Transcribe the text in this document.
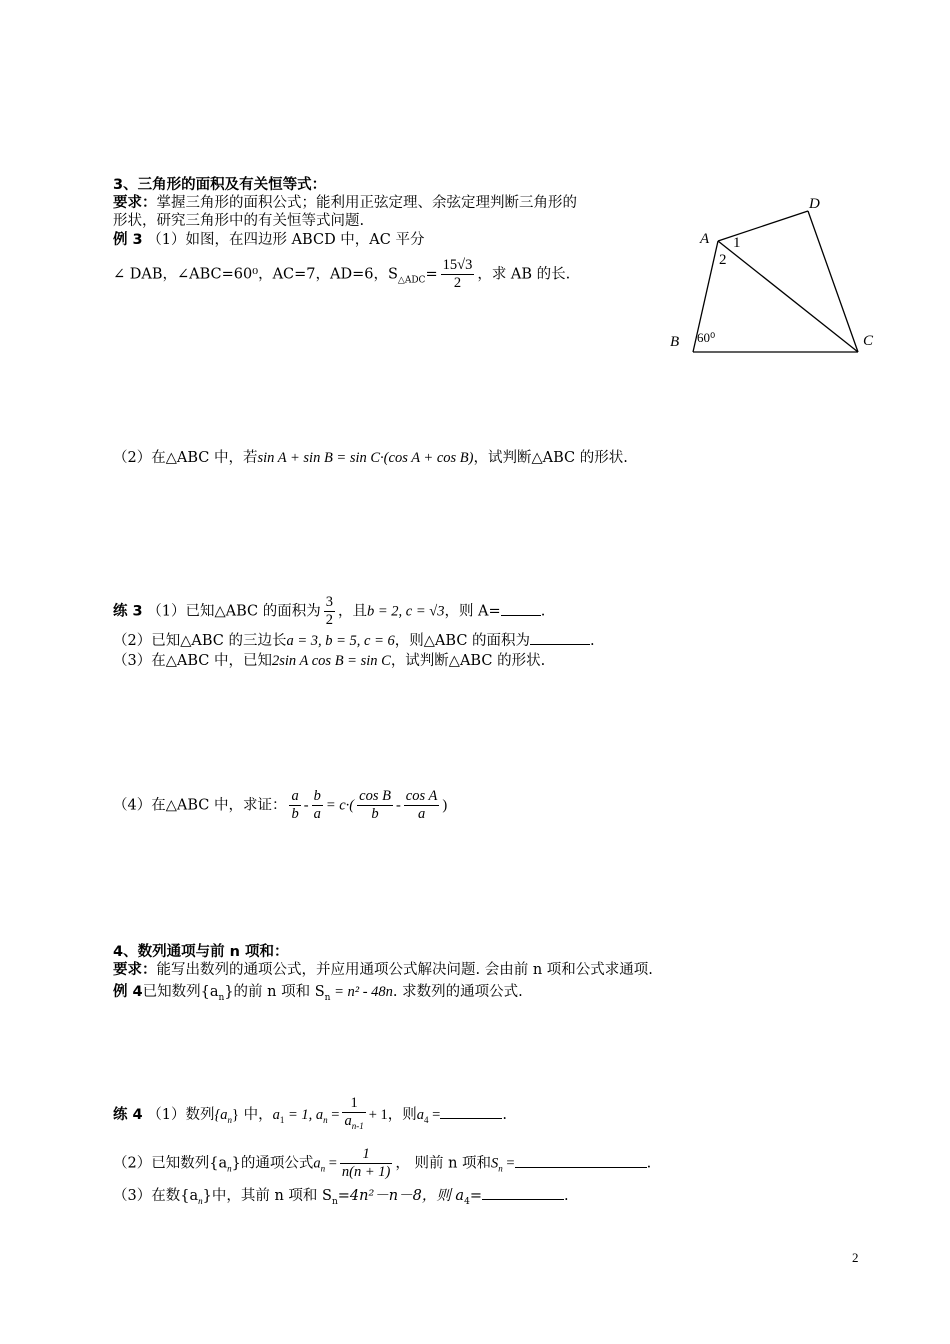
3、三角形的面积及有关恒等式：
要求：掌握三角形的面积公式；能利用正弦定理、余弦定理判断三角形的
形状，研究三角形中的有关恒等式问题.
例 3 （1）如图，在四边形 ABCD 中，AC 平分
∠ DAB，∠ABC=60⁰，AC=7，AD=6，$S_{\triangle ADC}= \frac{15√3}{2}$ ，求 AB 的长.
A
B	C
D
1
2
60⁰
（2）在△ABC 中，若sin A + sin B = sin C·(cos A + cos B)，试判断△ABC 的形状.
练 3 （1）已知△ABC 的面积为 $\frac{3}{2}$ ，且b = 2, c = √3，则 A=	.
（2）已知△ABC 的三边长a = 3, b = 5, c = 6，则△ABC 的面积为	.
（3）在△ABC 中，已知2sin A cos B = sin C，试判断△ABC 的形状.
（4）在△ABC 中，求证： $\frac{a}{b} - \frac{b}{a} = c\cdot( \frac{\text{cos B}}{b} - \frac{\text{cos A}}{a}$ )
4、数列通项与前 n 项和：
要求：能写出数列的通项公式，并应用通项公式解决问题. 会由前 n 项和公式求通项.
例 4已知数列$\{a_n\}$的前 n 项和 $S_n = n^2 - 48n$. 求数列的通项公式.
练 4 （1）数列$\{a_n\}$ 中，$a_1 = 1$, $a_n = \frac{1}{a_{n-1}} + 1$，则$a_4$ =	.
（2）已知数列$\{a_n\}$的通项公式$a_n = \frac{1}{n(n + 1)}$ ， 则前 n 项和$S_n$ =	.
（3）在数$\{a_n\}$中，其前 n 项和 $S_n=4n^2-n-8$，则 $a_4=$	.
2
